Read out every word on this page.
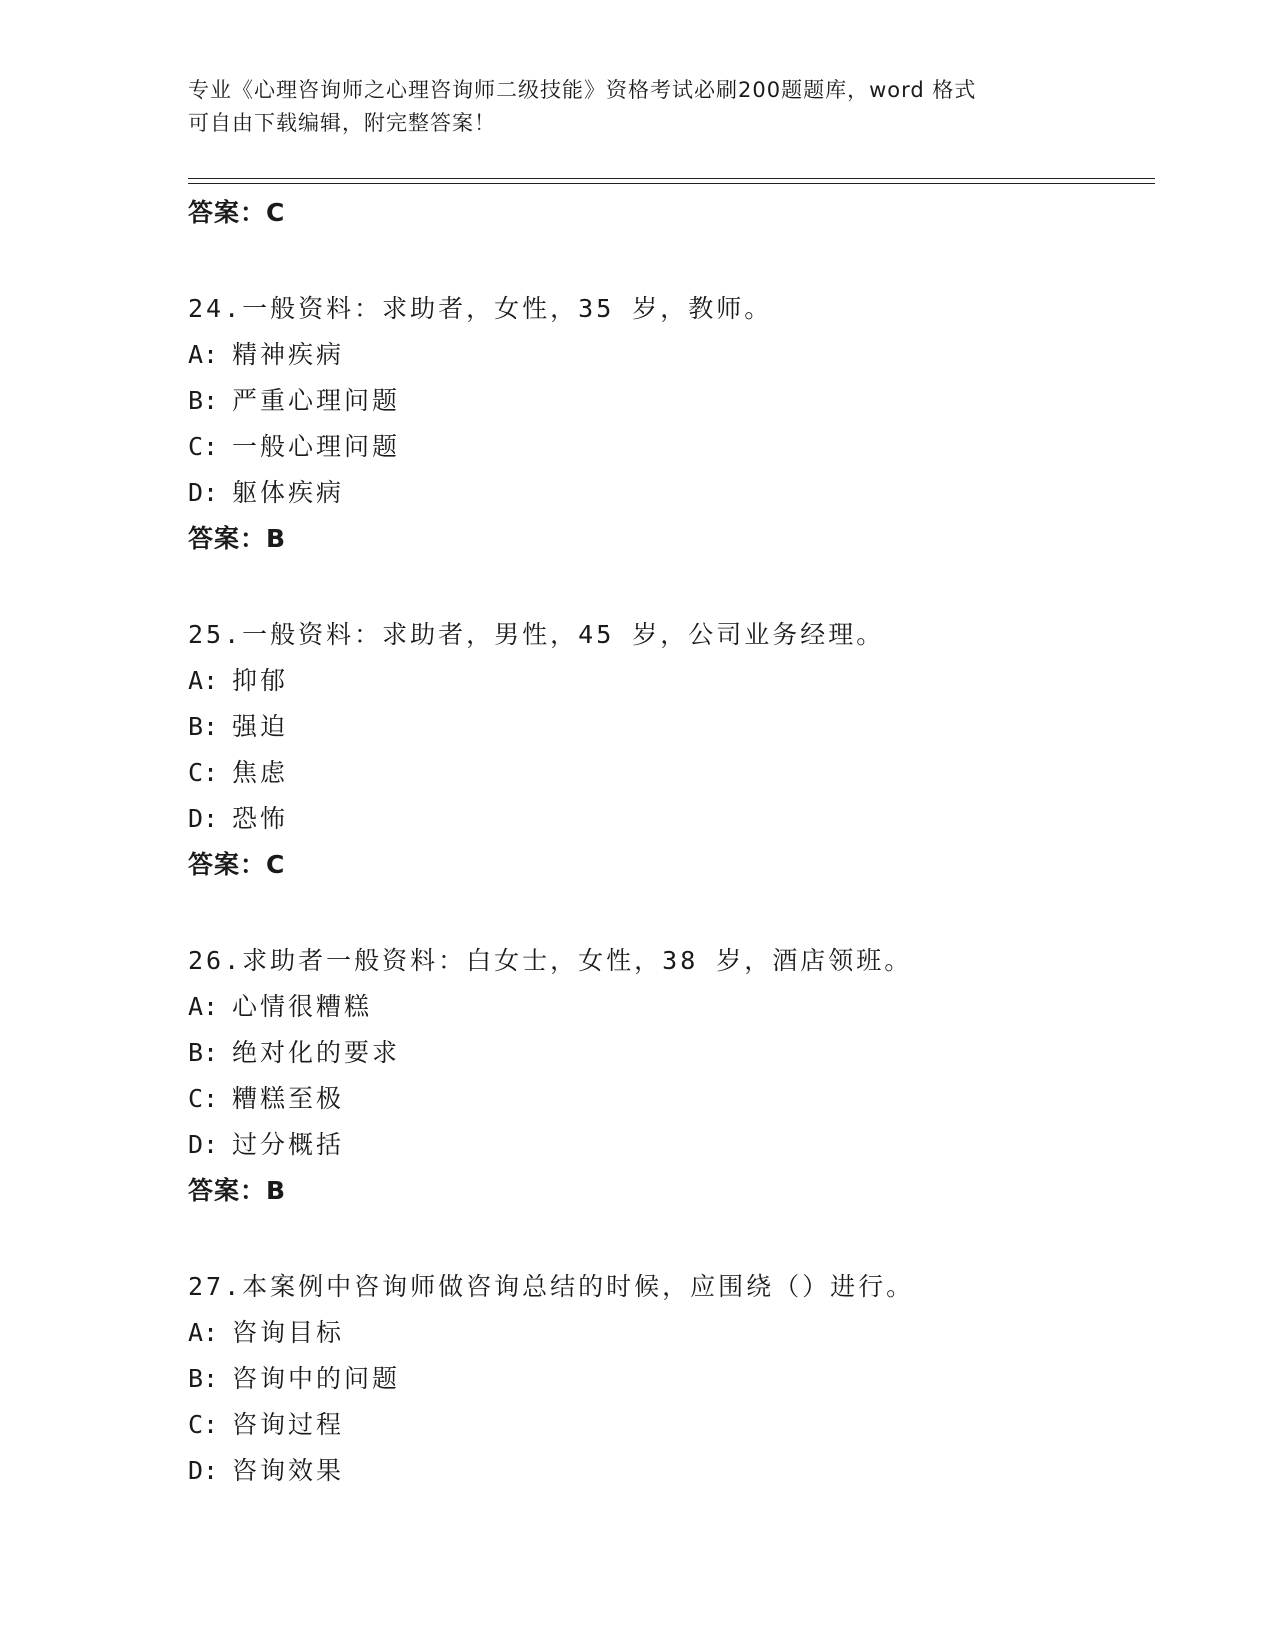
专业《心理咨询师之心理咨询师二级技能》资格考试必刷200题题库，word 格式
可自由下载编辑，附完整答案！
答案：C
24.一般资料：求助者，女性，35 岁，教师。
A: 精神疾病
B: 严重心理问题
C: 一般心理问题
D: 躯体疾病
答案：B
25.一般资料：求助者，男性，45 岁，公司业务经理。
A: 抑郁
B: 强迫
C: 焦虑
D: 恐怖
答案：C
26.求助者一般资料：白女士，女性，38 岁，酒店领班。
A: 心情很糟糕
B: 绝对化的要求
C: 糟糕至极
D: 过分概括
答案：B
27.本案例中咨询师做咨询总结的时候，应围绕（）进行。
A: 咨询目标
B: 咨询中的问题
C: 咨询过程
D: 咨询效果
